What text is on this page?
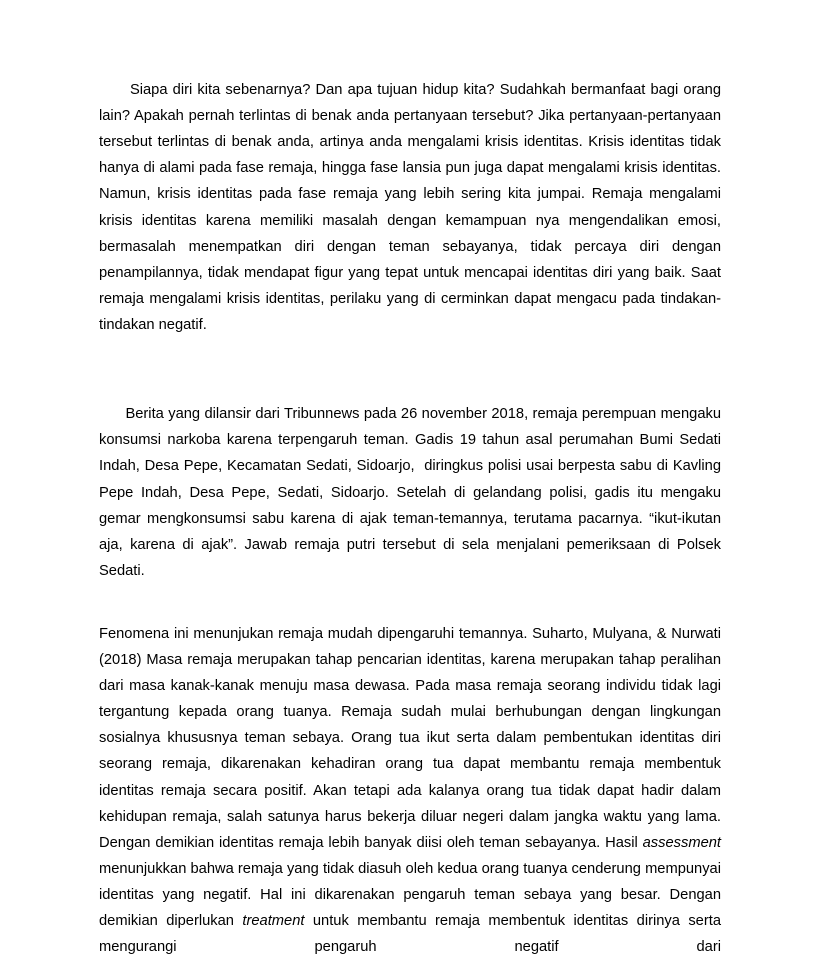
Siapa diri kita sebenarnya? Dan apa tujuan hidup kita? Sudahkah bermanfaat bagi orang lain? Apakah pernah terlintas di benak anda pertanyaan tersebut? Jika pertanyaan-pertanyaan tersebut terlintas di benak anda, artinya anda mengalami krisis identitas. Krisis identitas tidak hanya di alami pada fase remaja, hingga fase lansia pun juga dapat mengalami krisis identitas. Namun, krisis identitas pada fase remaja yang lebih sering kita jumpai. Remaja mengalami krisis identitas karena memiliki masalah dengan kemampuan nya mengendalikan emosi, bermasalah menempatkan diri dengan teman sebayanya, tidak percaya diri dengan  penampilannya, tidak mendapat figur yang tepat untuk mencapai identitas diri yang baik. Saat remaja mengalami krisis identitas, perilaku yang di cerminkan dapat mengacu pada tindakan-tindakan negatif.

Berita yang dilansir dari Tribunnews pada 26 november 2018, remaja perempuan mengaku konsumsi narkoba karena terpengaruh teman. Gadis 19 tahun asal perumahan Bumi Sedati Indah, Desa Pepe, Kecamatan Sedati, Sidoarjo,  diringkus polisi usai berpesta sabu di Kavling Pepe Indah, Desa Pepe, Sedati, Sidoarjo. Setelah di gelandang polisi, gadis itu mengaku gemar mengkonsumsi sabu karena di ajak teman-temannya, terutama pacarnya. “ikut-ikutan aja, karena di ajak”. Jawab remaja putri tersebut di sela menjalani pemeriksaan di Polsek Sedati.

Fenomena ini menunjukan remaja mudah dipengaruhi temannya. Suharto, Mulyana, & Nurwati (2018) Masa remaja merupakan tahap pencarian identitas, karena merupakan tahap peralihan dari masa kanak-kanak menuju masa dewasa. Pada masa remaja seorang individu tidak lagi tergantung kepada orang tuanya. Remaja sudah mulai berhubungan dengan lingkungan sosialnya khususnya teman sebaya. Orang tua ikut serta dalam pembentukan identitas diri seorang remaja, dikarenakan kehadiran orang tua dapat membantu remaja membentuk identitas remaja secara positif. Akan tetapi ada kalanya orang tua tidak dapat hadir dalam kehidupan remaja, salah satunya harus bekerja diluar negeri dalam jangka waktu yang lama. Dengan demikian identitas remaja lebih banyak diisi oleh teman sebayanya. Hasil assessment menunjukkan bahwa remaja yang tidak diasuh oleh kedua orang tuanya cenderung mempunyai identitas yang negatif. Hal ini dikarenakan pengaruh teman sebaya yang besar. Dengan demikian diperlukan treatment untuk membantu remaja membentuk identitas dirinya serta mengurangi pengaruh negatif dari
